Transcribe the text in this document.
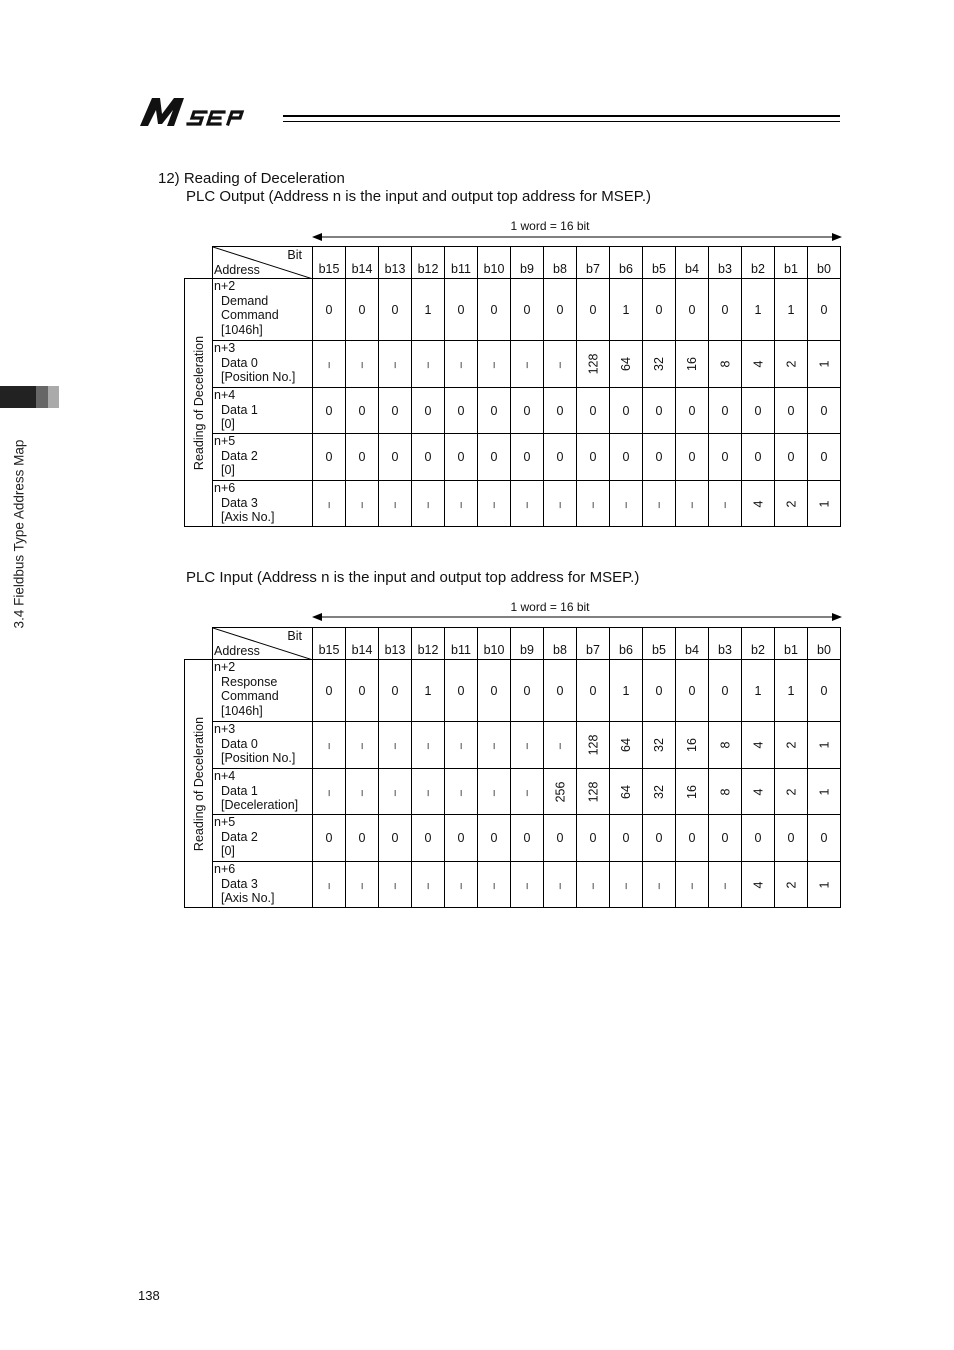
3.4 Fieldbus Type Address Map
12) Reading of Deceleration
PLC Output (Address n is the input and output top address for MSEP.)
PLC Input (Address n is the input and output top address for MSEP.)
1 word = 16 bit

	Bit
Address	b15	b14	b13	b12	b11	b10	b9	b8	b7	b6	b5	b4	b3	b2	b1	b0

Reading of Deceleration	n+2
Demand
Command
[1046h]	0	0	0	1	0	0	0	0	0	1	0	0	0	1	1	0

	n+3
Data 0
[Position No.]	–	–	–	–	–	–	–	–	128	64	32	16	8	4	2	1

	n+4
Data 1
[0]	0	0	0	0	0	0	0	0	0	0	0	0	0	0	0	0

	n+5
Data 2
[0]	0	0	0	0	0	0	0	0	0	0	0	0	0	0	0	0

	n+6
Data 3
[Axis No.]	–	–	–	–	–	–	–	–	–	–	–	–	–	4	2	1
1 word = 16 bit

	Bit
Address	b15	b14	b13	b12	b11	b10	b9	b8	b7	b6	b5	b4	b3	b2	b1	b0

Reading of Deceleration	n+2
Response
Command
[1046h]	0	0	0	1	0	0	0	0	0	1	0	0	0	1	1	0

	n+3
Data 0
[Position No.]	–	–	–	–	–	–	–	–	128	64	32	16	8	4	2	1

	n+4
Data 1
[Deceleration]	–	–	–	–	–	–	–	256	128	64	32	16	8	4	2	1

	n+5
Data 2
[0]	0	0	0	0	0	0	0	0	0	0	0	0	0	0	0	0

	n+6
Data 3
[Axis No.]	–	–	–	–	–	–	–	–	–	–	–	–	–	4	2	1
138
